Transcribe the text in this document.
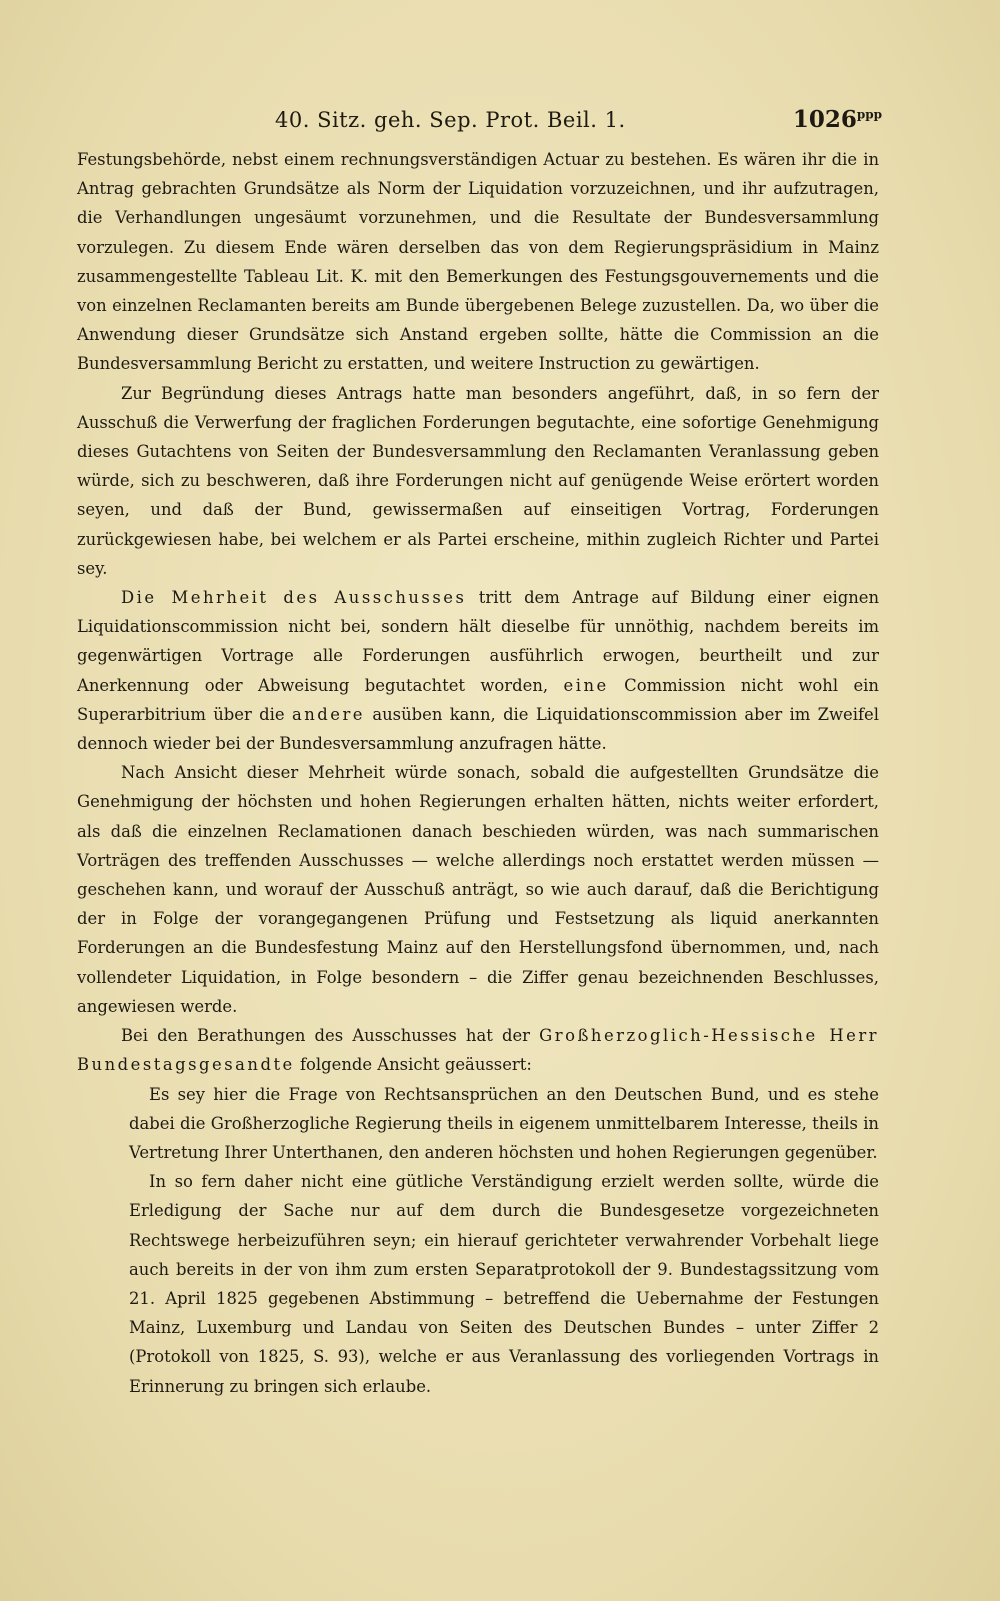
40. Sitz. geh. Sep. Prot. Beil. 1.	$1026^{ppp}$

Festungsbehörde, nebst einem rechnungsverständigen Actuar zu bestehen. Es wären ihr die in Antrag gebrachten Grundsätze als Norm der Liquidation vorzuzeichnen, und ihr aufzutragen, die Verhandlungen ungesäumt vorzunehmen, und die Resultate der Bundesversammlung vorzulegen. Zu diesem Ende wären derselben das von dem Regierungspräsidium in Mainz zusammengestellte Tableau Lit. K. mit den Bemerkungen des Festungsgouvernements und die von einzelnen Reclamanten bereits am Bunde übergebenen Belege zuzustellen. Da, wo über die Anwendung dieser Grundsätze sich Anstand ergeben sollte, hätte die Commission an die Bundesversammlung Bericht zu erstatten, und weitere Instruction zu gewärtigen.

Zur Begründung dieses Antrags hatte man besonders angeführt, daß, in so fern der Ausschuß die Verwerfung der fraglichen Forderungen begutachte, eine sofortige Genehmigung dieses Gutachtens von Seiten der Bundesversammlung den Reclamanten Veranlassung geben würde, sich zu beschweren, daß ihre Forderungen nicht auf genügende Weise erörtert worden seyen, und daß der Bund, gewissermaßen auf einseitigen Vortrag, Forderungen zurückgewiesen habe, bei welchem er als Partei erscheine, mithin zugleich Richter und Partei sey.

Die Mehrheit des Ausschusses tritt dem Antrage auf Bildung einer eignen Liquidationscommission nicht bei, sondern hält dieselbe für unnöthig, nachdem bereits im gegenwärtigen Vortrage alle Forderungen ausführlich erwogen, beurtheilt und zur Anerkennung oder Abweisung begutachtet worden, eine Commission nicht wohl ein Superarbitrium über die andere ausüben kann, die Liquidationscommission aber im Zweifel dennoch wieder bei der Bundesversammlung anzufragen hätte.

Nach Ansicht dieser Mehrheit würde sonach, sobald die aufgestellten Grundsätze die Genehmigung der höchsten und hohen Regierungen erhalten hätten, nichts weiter erfordert, als daß die einzelnen Reclamationen danach beschieden würden, was nach summarischen Vorträgen des treffenden Ausschusses — welche allerdings noch erstattet werden müssen — geschehen kann, und worauf der Ausschuß anträgt, so wie auch darauf, daß die Berichtigung der in Folge der vorangegangenen Prüfung und Festsetzung als liquid anerkannten Forderungen an die Bundesfestung Mainz auf den Herstellungsfond übernommen, und, nach vollendeter Liquidation, in Folge besondern – die Ziffer genau bezeichnenden Beschlusses, angewiesen werde.

Bei den Berathungen des Ausschusses hat der Großherzoglich-Hessische Herr Bundestagsgesandte folgende Ansicht geäussert:

Es sey hier die Frage von Rechtsansprüchen an den Deutschen Bund, und es stehe dabei die Großherzogliche Regierung theils in eigenem unmittelbarem Interesse, theils in Vertretung Ihrer Unterthanen, den anderen höchsten und hohen Regierungen gegenüber.

In so fern daher nicht eine gütliche Verständigung erzielt werden sollte, würde die Erledigung der Sache nur auf dem durch die Bundesgesetze vorgezeichneten Rechtswege herbeizuführen seyn; ein hierauf gerichteter verwahrender Vorbehalt liege auch bereits in der von ihm zum ersten Separatprotokoll der 9. Bundestagssitzung vom 21. April 1825 gegebenen Abstimmung – betreffend die Uebernahme der Festungen Mainz, Luxemburg und Landau von Seiten des Deutschen Bundes – unter Ziffer 2 (Protokoll von 1825, S. 93), welche er aus Veranlassung des vorliegenden Vortrags in Erinnerung zu bringen sich erlaube.
